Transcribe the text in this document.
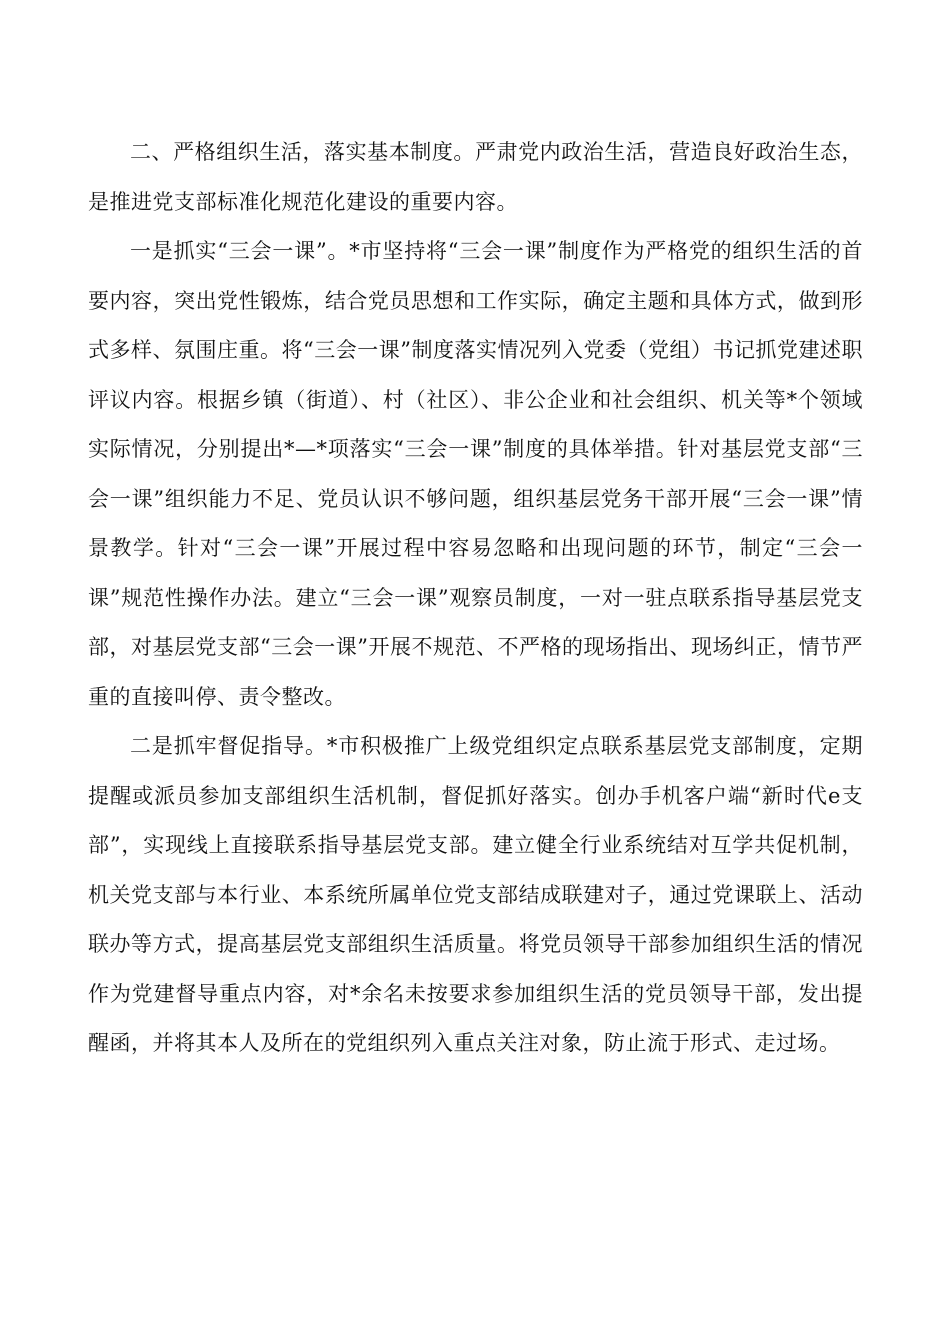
二、严格组织生活，落实基本制度。严肃党内政治生活，营造良好政治生态，是推进党支部标准化规范化建设的重要内容。

一是抓实“三会一课”。*市坚持将“三会一课”制度作为严格党的组织生活的首要内容，突出党性锻炼，结合党员思想和工作实际，确定主题和具体方式，做到形式多样、氛围庄重。将“三会一课”制度落实情况列入党委（党组）书记抓党建述职评议内容。根据乡镇（街道）、村（社区）、非公企业和社会组织、机关等*个领域实际情况，分别提出*—*项落实“三会一课”制度的具体举措。针对基层党支部“三会一课”组织能力不足、党员认识不够问题，组织基层党务干部开展“三会一课”情景教学。针对“三会一课”开展过程中容易忽略和出现问题的环节，制定“三会一课”规范性操作办法。建立“三会一课”观察员制度，一对一驻点联系指导基层党支部，对基层党支部“三会一课”开展不规范、不严格的现场指出、现场纠正，情节严重的直接叫停、责令整改。

二是抓牢督促指导。*市积极推广上级党组织定点联系基层党支部制度，定期提醒或派员参加支部组织生活机制，督促抓好落实。创办手机客户端“新时代e支部”，实现线上直接联系指导基层党支部。建立健全行业系统结对互学共促机制，机关党支部与本行业、本系统所属单位党支部结成联建对子，通过党课联上、活动联办等方式，提高基层党支部组织生活质量。将党员领导干部参加组织生活的情况作为党建督导重点内容，对*余名未按要求参加组织生活的党员领导干部，发出提醒函，并将其本人及所在的党组织列入重点关注对象，防止流于形式、走过场。
